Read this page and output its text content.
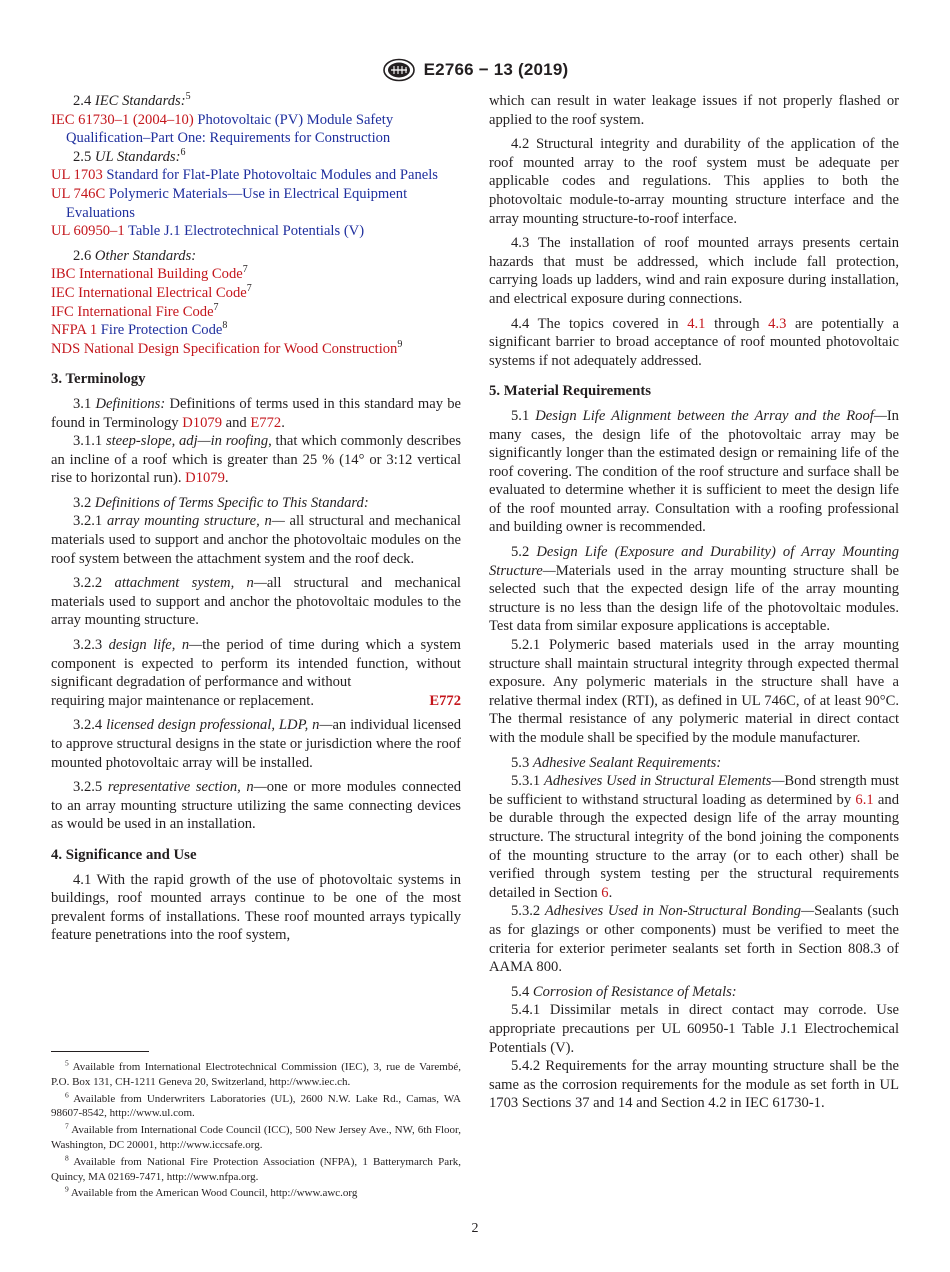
E2766 − 13 (2019)

2.4 IEC Standards:$^5$

IEC 61730–1 (2004–10) Photovoltaic (PV) Module Safety Qualification–Part One: Requirements for Construction

2.5 UL Standards:$^6$

UL 1703 Standard for Flat-Plate Photovoltaic Modules and Panels

UL 746C Polymeric Materials—Use in Electrical Equipment Evaluations

UL 60950–1 Table J.1 Electrotechnical Potentials (V)

2.6 Other Standards:

IBC International Building Code$^7$

IEC International Electrical Code$^7$

IFC International Fire Code$^7$

NFPA 1 Fire Protection Code$^8$

NDS National Design Specification for Wood Construction$^9$

3. Terminology

3.1 Definitions: Definitions of terms used in this standard may be found in Terminology D1079 and E772.

3.1.1 steep-slope, adj—in roofing, that which commonly describes an incline of a roof which is greater than 25 % (14° or 3:12 vertical rise to horizontal run). D1079.

3.2 Definitions of Terms Specific to This Standard:

3.2.1 array mounting structure, n— all structural and mechanical materials used to support and anchor the photovoltaic modules on the roof system between the attachment system and the roof deck.

3.2.2 attachment system, n—all structural and mechanical materials used to support and anchor the photovoltaic modules to the array mounting structure.

3.2.3 design life, n—the period of time during which a system component is expected to perform its intended function, without significant degradation of performance and without
requiring major maintenance or replacement.	E772

3.2.4 licensed design professional, LDP, n—an individual licensed to approve structural designs in the state or jurisdiction where the roof mounted photovoltaic array will be installed.

3.2.5 representative section, n—one or more modules connected to an array mounting structure utilizing the same connecting devices as would be used in an installation.

4. Significance and Use

4.1 With the rapid growth of the use of photovoltaic systems in buildings, roof mounted arrays continue to be one of the most prevalent forms of installations. These roof mounted arrays typically feature penetrations into the roof system,

$^5$ Available from International Electrotechnical Commission (IEC), 3, rue de Varembé, P.O. Box 131, CH-1211 Geneva 20, Switzerland, http://www.iec.ch.

$^6$ Available from Underwriters Laboratories (UL), 2600 N.W. Lake Rd., Camas, WA 98607-8542, http://www.ul.com.

$^7$ Available from International Code Council (ICC), 500 New Jersey Ave., NW, 6th Floor, Washington, DC 20001, http://www.iccsafe.org.

$^8$ Available from National Fire Protection Association (NFPA), 1 Batterymarch Park, Quincy, MA 02169-7471, http://www.nfpa.org.

$^9$ Available from the American Wood Council, http://www.awc.org

which can result in water leakage issues if not properly flashed or applied to the roof system.

4.2 Structural integrity and durability of the application of the roof mounted array to the roof system must be adequate per applicable codes and regulations. This applies to both the photovoltaic module-to-array mounting structure interface and the array mounting structure-to-roof interface.

4.3 The installation of roof mounted arrays presents certain hazards that must be addressed, which include fall protection, carrying loads up ladders, wind and rain exposure during installation, and electrical exposure during connections.

4.4 The topics covered in 4.1 through 4.3 are potentially a significant barrier to broad acceptance of roof mounted photovoltaic systems if not adequately addressed.

5. Material Requirements

5.1 Design Life Alignment between the Array and the Roof—In many cases, the design life of the photovoltaic array may be significantly longer than the estimated design or remaining life of the roof covering. The condition of the roof structure and surface shall be evaluated to determine whether it is sufficient to meet the design life of the roof mounted array. Consultation with a roofing professional and building owner is recommended.

5.2 Design Life (Exposure and Durability) of Array Mounting Structure—Materials used in the array mounting structure shall be selected such that the expected design life of the array mounting structure is no less than the design life of the photovoltaic modules. Test data from similar exposure applications is acceptable.

5.2.1 Polymeric based materials used in the array mounting structure shall maintain structural integrity through expected thermal exposure. Any polymeric materials in the structure shall have a relative thermal index (RTI), as defined in UL 746C, of at least 90°C. The thermal resistance of any polymeric material in direct contact with the module shall be specified by the module manufacturer.

5.3 Adhesive Sealant Requirements:

5.3.1 Adhesives Used in Structural Elements—Bond strength must be sufficient to withstand structural loading as determined by 6.1 and be durable through the expected design life of the array mounting structure. The structural integrity of the bond joining the components of the mounting structure to the array (or to each other) shall be verified through system testing per the structural requirements detailed in Section 6.

5.3.2 Adhesives Used in Non-Structural Bonding—Sealants (such as for glazings or other components) must be verified to meet the criteria for exterior perimeter sealants set forth in Section 808.3 of AAMA 800.

5.4 Corrosion of Resistance of Metals:

5.4.1 Dissimilar metals in direct contact may corrode. Use appropriate precautions per UL 60950-1 Table J.1 Electrochemical Potentials (V).

5.4.2 Requirements for the array mounting structure shall be the same as the corrosion requirements for the module as set forth in UL 1703 Sections 37 and 14 and Section 4.2 in IEC 61730-1.

2
